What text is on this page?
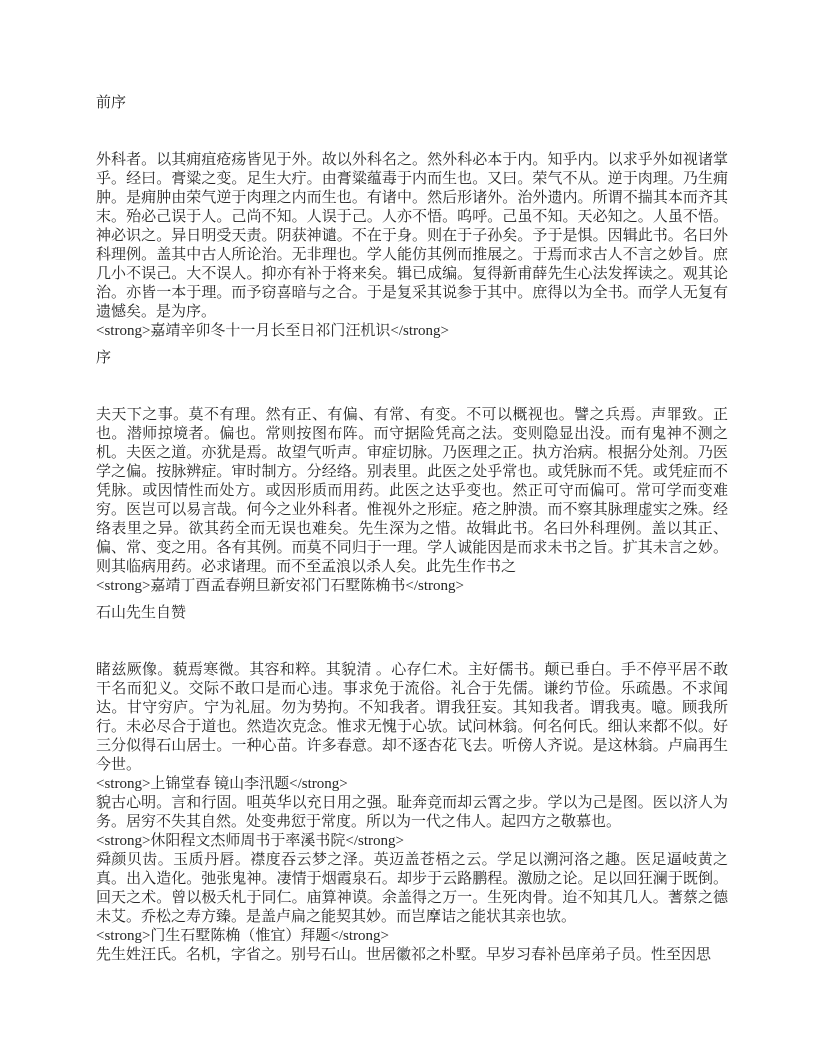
前序

外科者。以其痈疽疮疡皆见于外。故以外科名之。然外科必本于内。知乎内。以求乎外如视诸掌乎。经曰。膏粱之变。足生大疔。由膏粱蕴毒于内而生也。又曰。荣气不从。逆于肉理。乃生痈肿。是痈肿由荣气逆于肉理之内而生也。有诸中。然后形诸外。治外遗内。所谓不揣其本而齐其末。殆必己误于人。己尚不知。人误于己。人亦不悟。呜呼。己虽不知。天必知之。人虽不悟。神必识之。异日明受天责。阴获神谴。不在于身。则在于子孙矣。予于是惧。因辑此书。名曰外科理例。盖其中古人所论治。无非理也。学人能仿其例而推展之。于焉而求古人不言之妙旨。庶几小不误己。大不误人。抑亦有补于将来矣。辑已成编。复得新甫薛先生心法发挥读之。观其论治。亦皆一本于理。而予窃喜暗与之合。于是复采其说参于其中。庶得以为全书。而学人无复有遗憾矣。是为序。
<strong>嘉靖辛卯冬十一月长至日祁门汪机识</strong>

序

夫天下之事。莫不有理。然有正、有偏、有常、有变。不可以概视也。譬之兵焉。声罪致。正也。潜师掠境者。偏也。常则按图布阵。而守据险凭高之法。变则隐显出没。而有鬼神不测之机。夫医之道。亦犹是焉。故望气听声。审症切脉。乃医理之正。执方治病。根据分处剂。乃医学之偏。按脉辨症。审时制方。分经络。别表里。此医之处乎常也。或凭脉而不凭。或凭症而不凭脉。或因情性而处方。或因形质而用药。此医之达乎变也。然正可守而偏可。常可学而变难穷。医岂可以易言哉。何今之业外科者。惟视外之形症。疮之肿溃。而不察其脉理虚实之殊。经络表里之异。欲其药全而无误也难矣。先生深为之惜。故辑此书。名曰外科理例。盖以其正、偏、常、变之用。各有其例。而莫不同归于一理。学人诚能因是而求未书之旨。扩其未言之妙。则其临病用药。必求诸理。而不至孟浪以杀人矣。此先生作书之
<strong>嘉靖丁酉孟春朔旦新安祁门石墅陈桷书</strong>

石山先生自赞

睹兹厥像。藐焉寒微。其容和粹。其貌清 。心存仁术。主好儒书。颠已垂白。手不停平居不敢干名而犯义。交际不敢口是而心违。事求免于流俗。礼合于先儒。谦约节俭。乐疏愚。不求闻达。甘守穷庐。宁为礼屈。勿为势拘。不知我者。谓我狂妄。其知我者。谓我夷。噫。顾我所行。未必尽合于道也。然造次克念。惟求无愧于心欤。试问林翁。何名何氏。细认来都不似。好三分似得石山居士。一种心苗。许多春意。却不逐杏花飞去。听傍人齐说。是这林翁。卢扁再生今世。
<strong>上锦堂春 镜山李汛题</strong>
貌古心明。言和行固。咀英华以充日用之强。耻奔竞而却云霄之步。学以为己是图。医以济人为务。居穷不失其自然。处变弗愆于常度。所以为一代之伟人。起四方之敬慕也。
<strong>休阳程文杰师周书于率溪书院</strong>
舜颜贝齿。玉质丹唇。襟度吞云梦之泽。英迈盖苍梧之云。学足以溯河洛之趣。医足逼岐黄之真。出入造化。弛张鬼神。凄情于烟霞泉石。却步于云路鹏程。激励之论。足以回狂澜于既倒。回天之术。曾以极夭札于同仁。庙算神谟。余盖得之万一。生死肉骨。迨不知其几人。蓍蔡之德未艾。乔松之寿方臻。是盖卢扁之能契其妙。而岂摩诘之能状其亲也欤。
<strong>门生石墅陈桷（惟宜）拜题</strong>
先生姓汪氏。名机，字省之。别号石山。世居徽祁之朴墅。早岁习春补邑庠弟子员。性至因思
